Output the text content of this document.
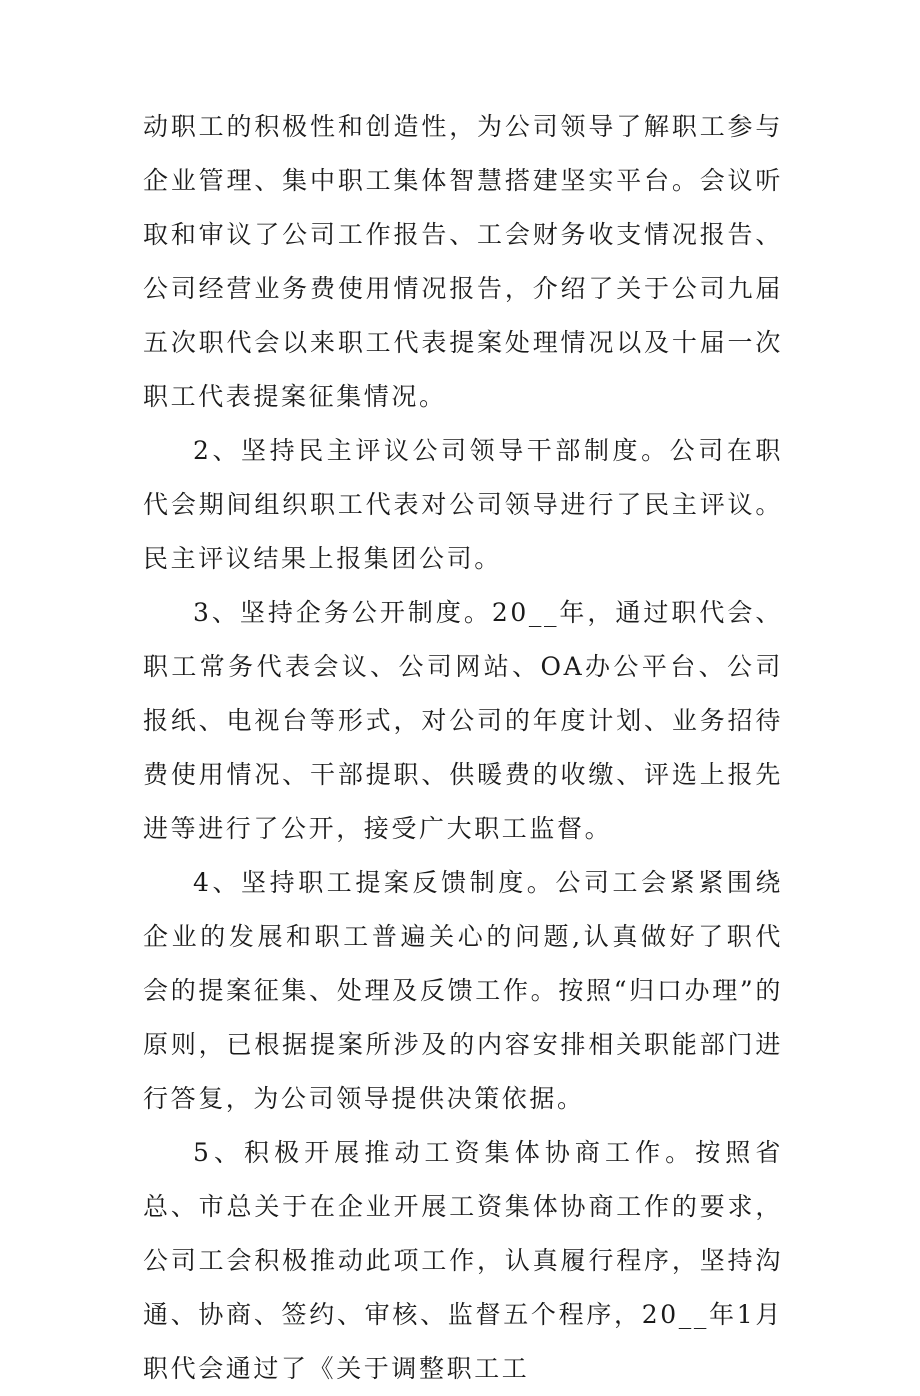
动职工的积极性和创造性，为公司领导了解职工参与企业管理、集中职工集体智慧搭建坚实平台。会议听取和审议了公司工作报告、工会财务收支情况报告、公司经营业务费使用情况报告，介绍了关于公司九届五次职代会以来职工代表提案处理情况以及十届一次职工代表提案征集情况。

2、坚持民主评议公司领导干部制度。公司在职代会期间组织职工代表对公司领导进行了民主评议。民主评议结果上报集团公司。

3、坚持企务公开制度。20__年，通过职代会、职工常务代表会议、公司网站、OA办公平台、公司报纸、电视台等形式，对公司的年度计划、业务招待费使用情况、干部提职、供暖费的收缴、评选上报先进等进行了公开，接受广大职工监督。

4、坚持职工提案反馈制度。公司工会紧紧围绕企业的发展和职工普遍关心的问题,认真做好了职代会的提案征集、处理及反馈工作。按照“归口办理”的原则，已根据提案所涉及的内容安排相关职能部门进行答复，为公司领导提供决策依据。

5、积极开展推动工资集体协商工作。按照省总、市总关于在企业开展工资集体协商工作的要求，公司工会积极推动此项工作，认真履行程序，坚持沟通、协商、签约、审核、监督五个程序，20__年1月职代会通过了《关于调整职工工
